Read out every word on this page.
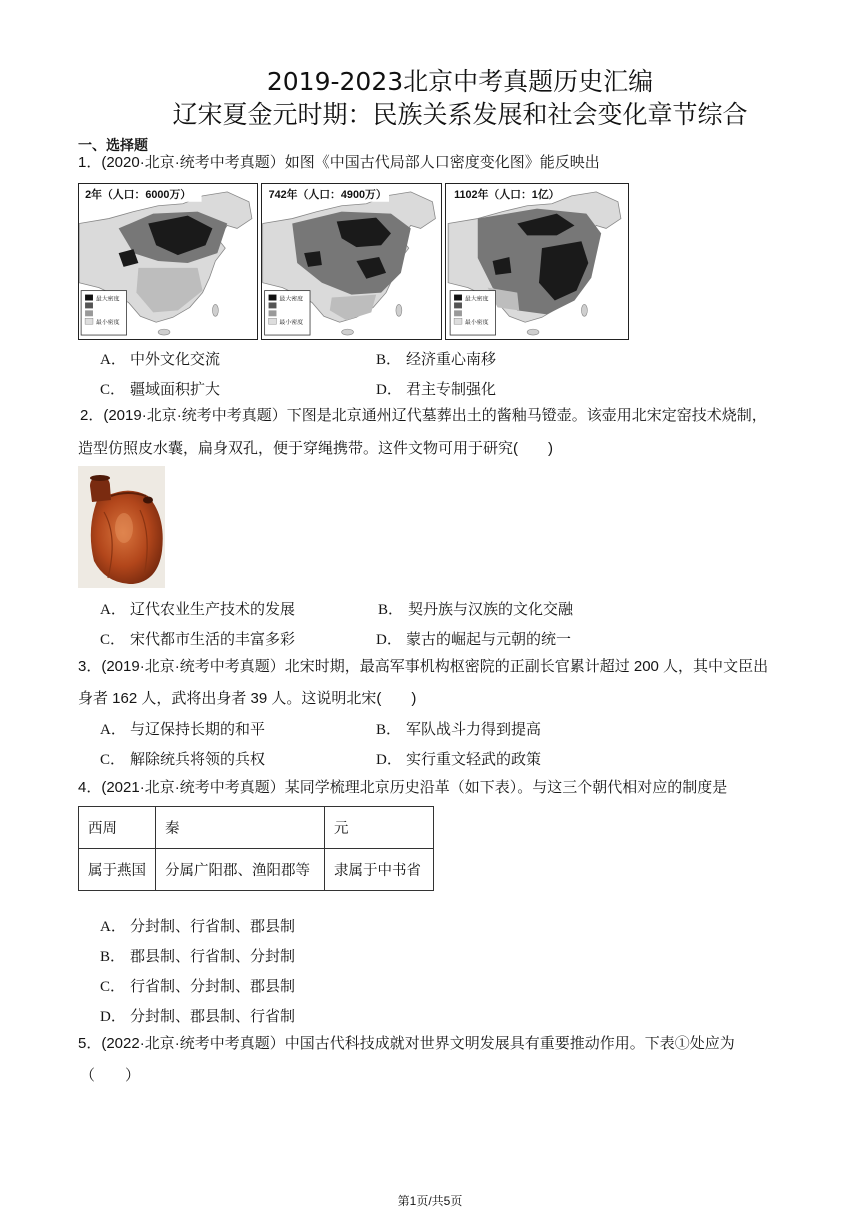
2019-2023北京中考真题历史汇编
辽宋夏金元时期：民族关系发展和社会变化章节综合
一、选择题
1．(2020·北京·统考中考真题）如图《中国古代局部人口密度变化图》能反映出
2年（人口：6000万）
最大密度
最小密度
742年（人口：4900万）
最大密度
最小密度
1102年（人口：1亿）
最大密度
最小密度
A． 中外文化交流	B． 经济重心南移
C． 疆域面积扩大	D． 君主专制强化
2．(2019·北京·统考中考真题）下图是北京通州辽代墓葬出土的酱釉马镫壶。该壶用北宋定窑技术烧制，
造型仿照皮水囊，扁身双孔，便于穿绳携带。这件文物可用于研究(　　)
A． 辽代农业生产技术的发展	B． 契丹族与汉族的文化交融
C． 宋代都市生活的丰富多彩	D． 蒙古的崛起与元朝的统一
3．(2019·北京·统考中考真题）北宋时期，最高军事机构枢密院的正副长官累计超过 200 人，其中文臣出
身者 162 人，武将出身者 39 人。这说明北宋(　　)
A． 与辽保持长期的和平	B． 军队战斗力得到提高
C． 解除统兵将领的兵权	D． 实行重文轻武的政策
4．(2021·北京·统考中考真题）某同学梳理北京历史沿革（如下表）。与这三个朝代相对应的制度是
西周	秦	元
属于燕国	分属广阳郡、渔阳郡等	隶属于中书省
A． 分封制、行省制、郡县制
B． 郡县制、行省制、分封制
C． 行省制、分封制、郡县制
D． 分封制、郡县制、行省制
5．(2022·北京·统考中考真题）中国古代科技成就对世界文明发展具有重要推动作用。下表①处应为
（　　）
第1页/共5页
